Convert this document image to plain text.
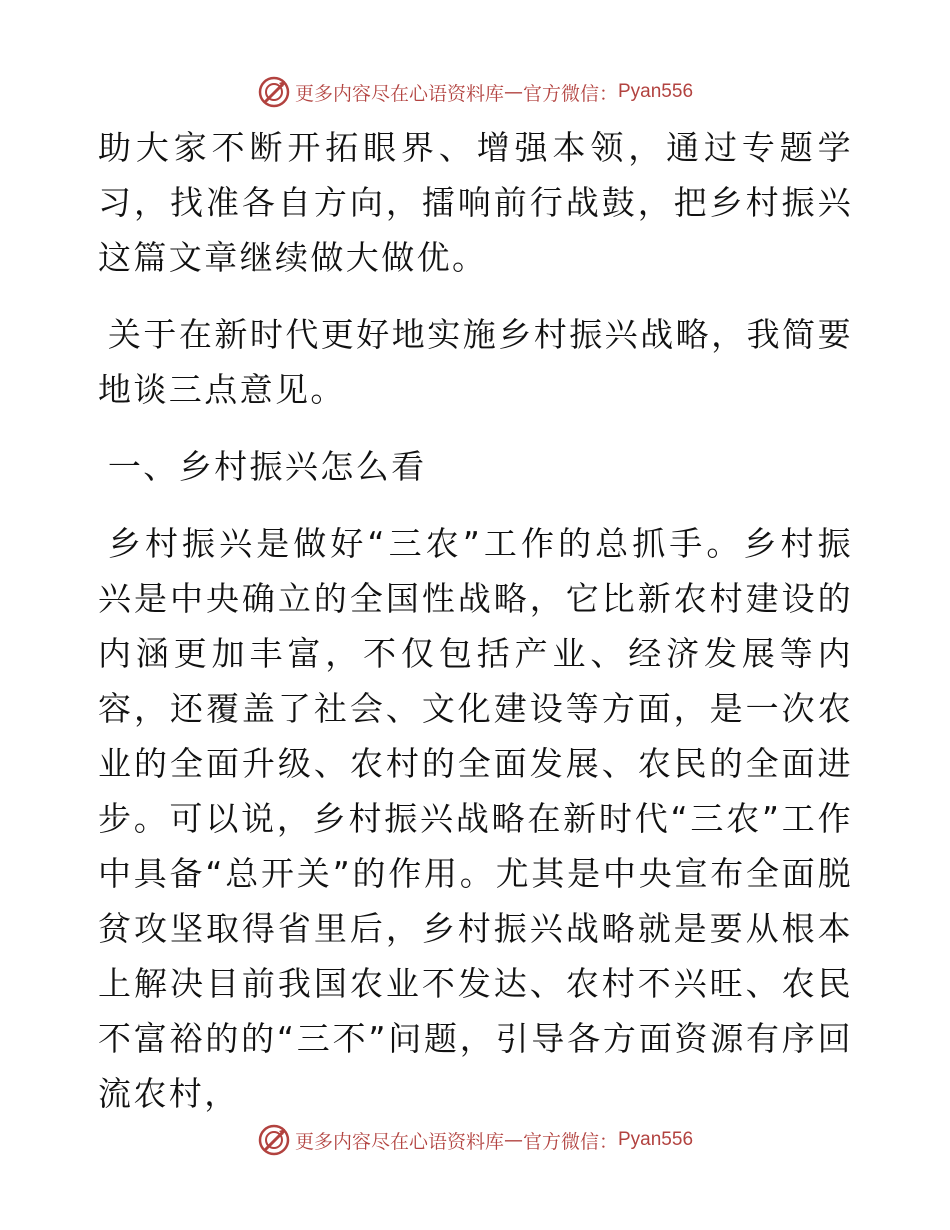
更多内容尽在心语资料库 — 官方微信： Pyan556

助大家不断开拓眼界、增强本领，通过专题学习，找准各自方向，擂响前行战鼓，把乡村振兴这篇文章继续做大做优。

关于在新时代更好地实施乡村振兴战略，我简要地谈三点意见。

一、乡村振兴怎么看

乡村振兴是做好“三农”工作的总抓手。乡村振兴是中央确立的全国性战略，它比新农村建设的内涵更加丰富，不仅包括产业、经济发展等内容，还覆盖了社会、文化建设等方面，是一次农业的全面升级、农村的全面发展、农民的全面进步。可以说，乡村振兴战略在新时代“三农”工作中具备“总开关”的作用。尤其是中央宣布全面脱贫攻坚取得省里后，乡村振兴战略就是要从根本上解决目前我国农业不发达、农村不兴旺、农民不富裕的的“三不”问题，引导各方面资源有序回流农村，

更多内容尽在心语资料库 — 官方微信： Pyan556
